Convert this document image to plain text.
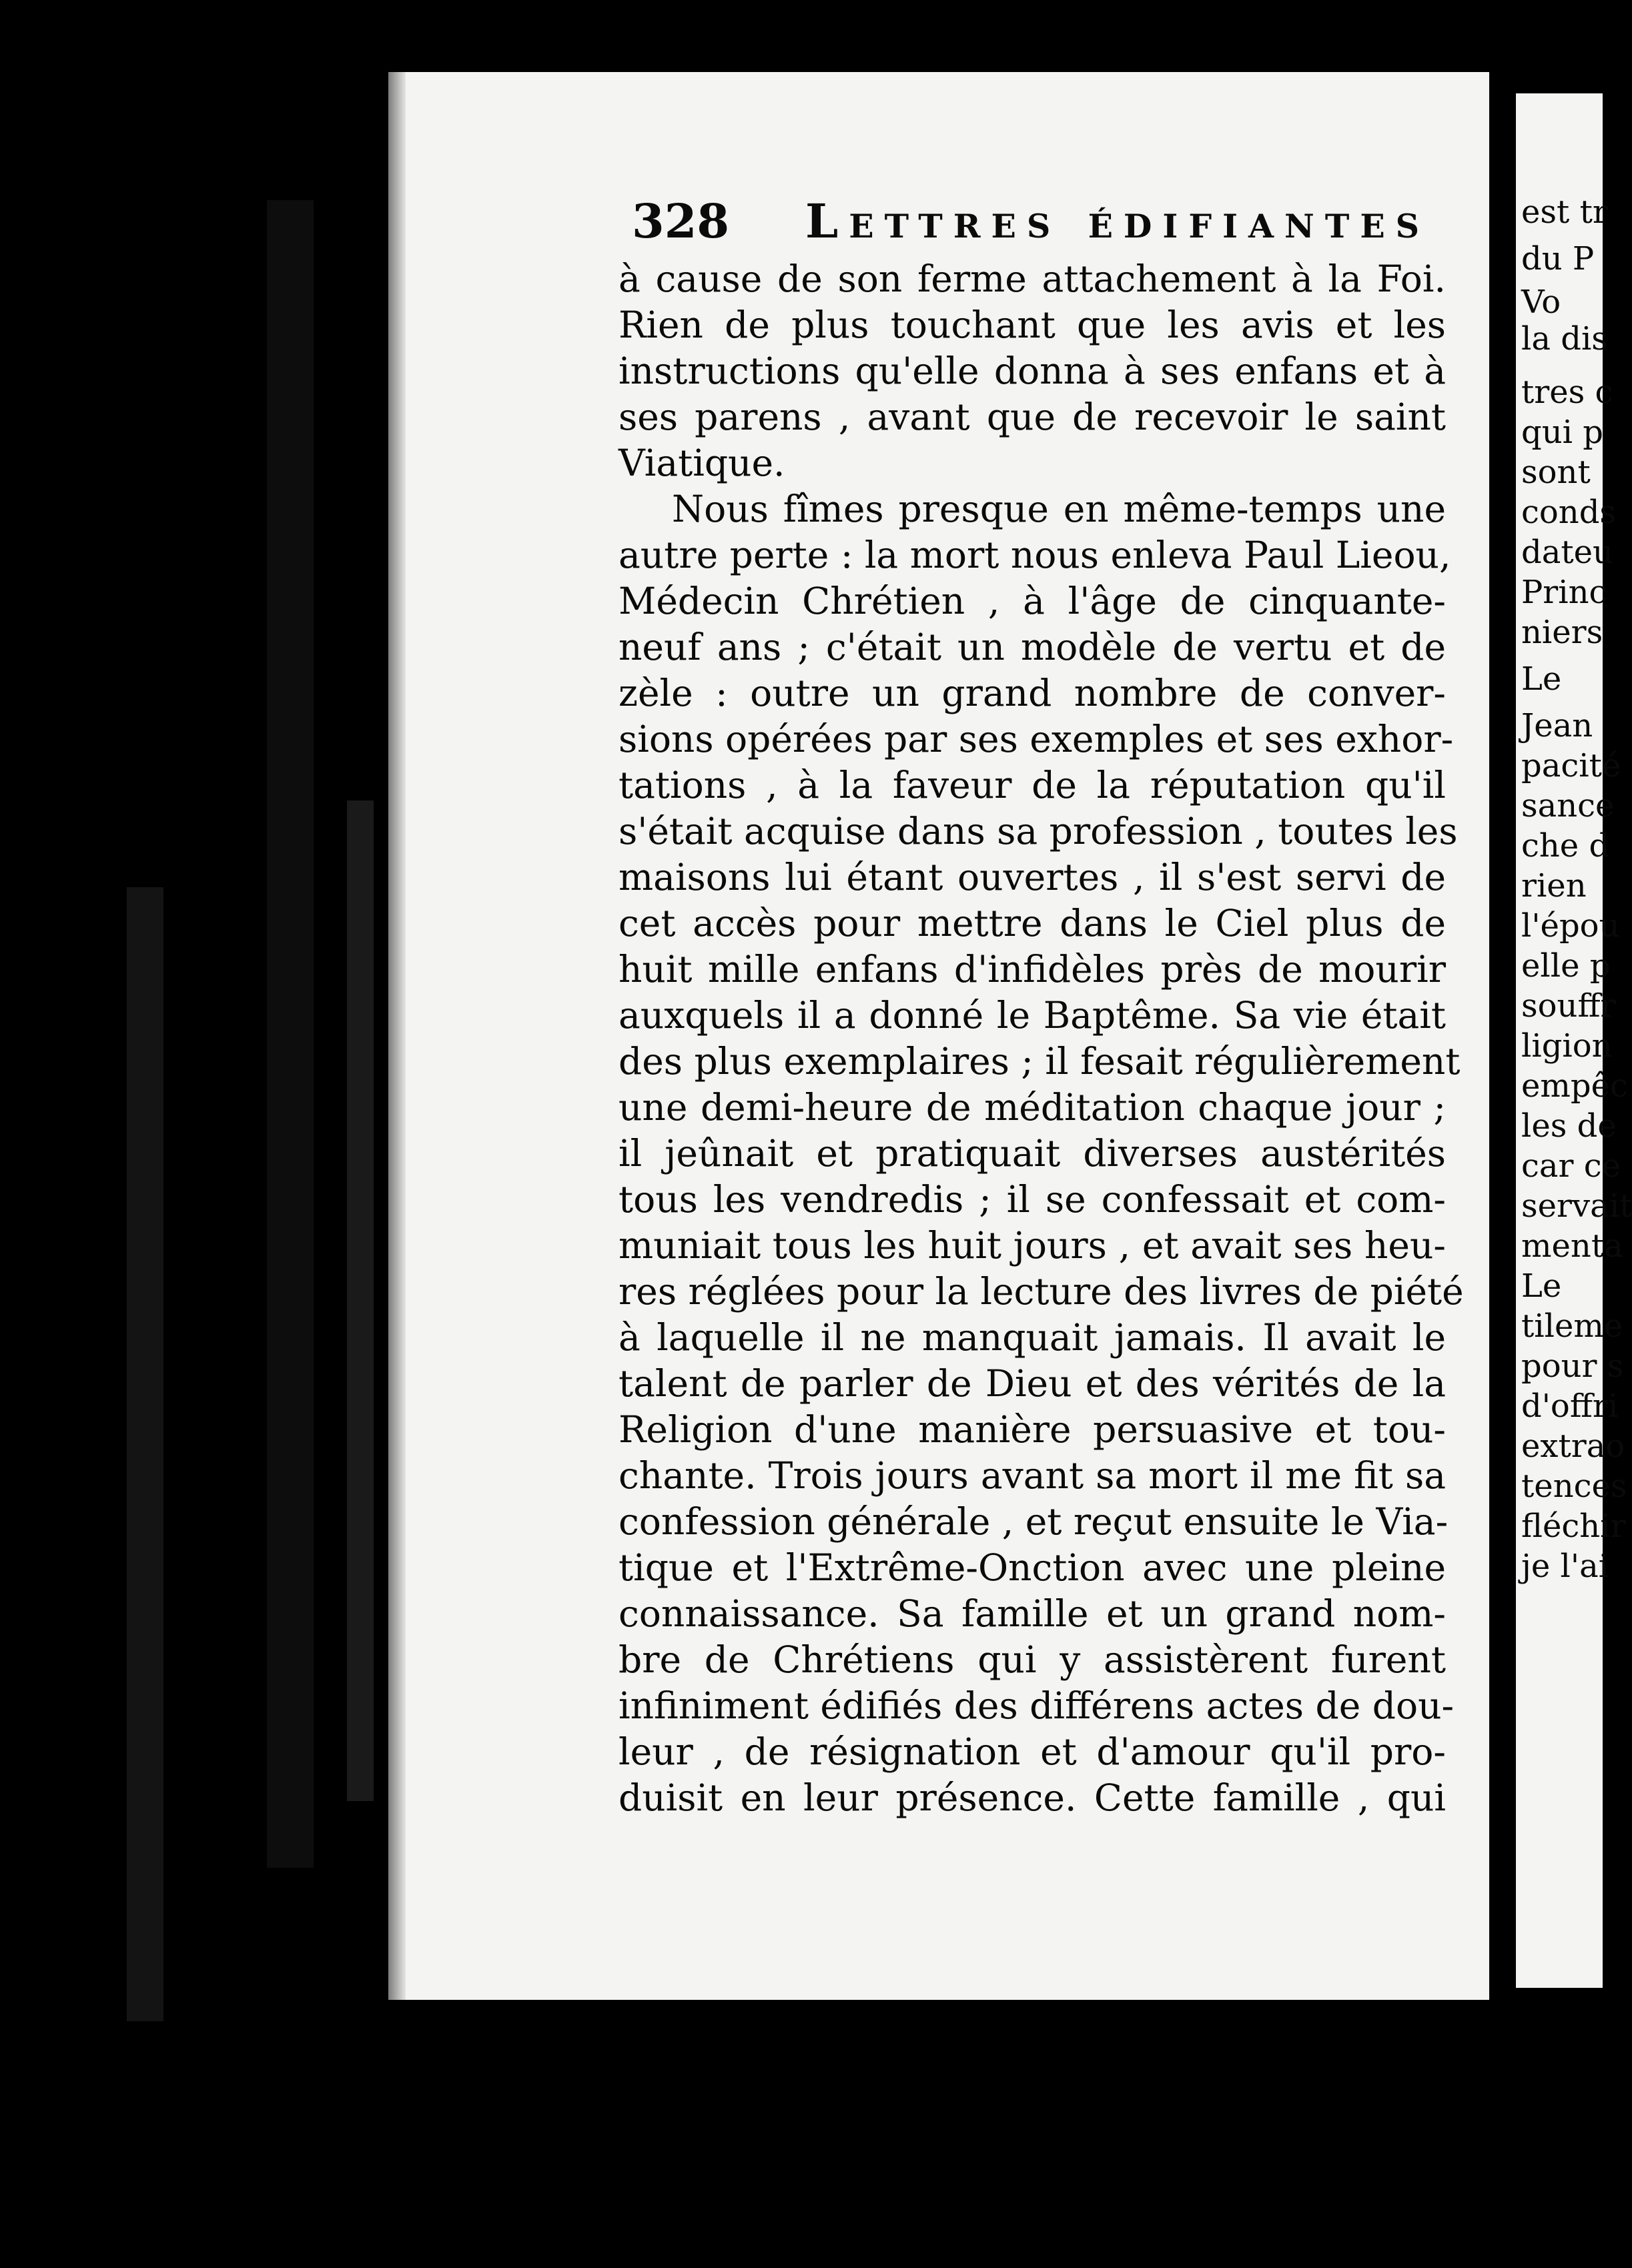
328 Lettres édifiantes
à cause de son ferme attachement à la Foi.
Rien de plus touchant que les avis et les
instructions qu'elle donna à ses enfans et à
ses parens , avant que de recevoir le saint
Viatique.
Nous fîmes presque en même-temps une
autre perte : la mort nous enleva Paul Lieou,
Médecin Chrétien , à l'âge de cinquante-
neuf ans ; c'était un modèle de vertu et de
zèle : outre un grand nombre de conver-
sions opérées par ses exemples et ses exhor-
tations , à la faveur de la réputation qu'il
s'était acquise dans sa profession , toutes les
maisons lui étant ouvertes , il s'est servi de
cet accès pour mettre dans le Ciel plus de
huit mille enfans d'infidèles près de mourir
auxquels il a donné le Baptême. Sa vie était
des plus exemplaires ; il fesait régulièrement
une demi-heure de méditation chaque jour ;
il jeûnait et pratiquait diverses austérités
tous les vendredis ; il se confessait et com-
muniait tous les huit jours , et avait ses heu-
res réglées pour la lecture des livres de piété
à laquelle il ne manquait jamais. Il avait le
talent de parler de Dieu et des vérités de la
Religion d'une manière persuasive et tou-
chante. Trois jours avant sa mort il me fit sa
confession générale , et reçut ensuite le Via-
tique et l'Extrême-Onction avec une pleine
connaissance. Sa famille et un grand nom-
bre de Chrétiens qui y assistèrent furent
infiniment édifiés des différens actes de dou-
leur , de résignation et d'amour qu'il pro-
duisit en leur présence. Cette famille , qui
est tr
du P
Vo
la dis
tres c
qui p
sont
conds
dateu
Princ
niers
Le
Jean
pacité
sance
che d
rien
l'épou
elle p
souffr
ligion
empêc
les de
car ce
servait
menta
Le
tileme
pour s
d'offri
extrao
tences
fléchir
je l'ai
